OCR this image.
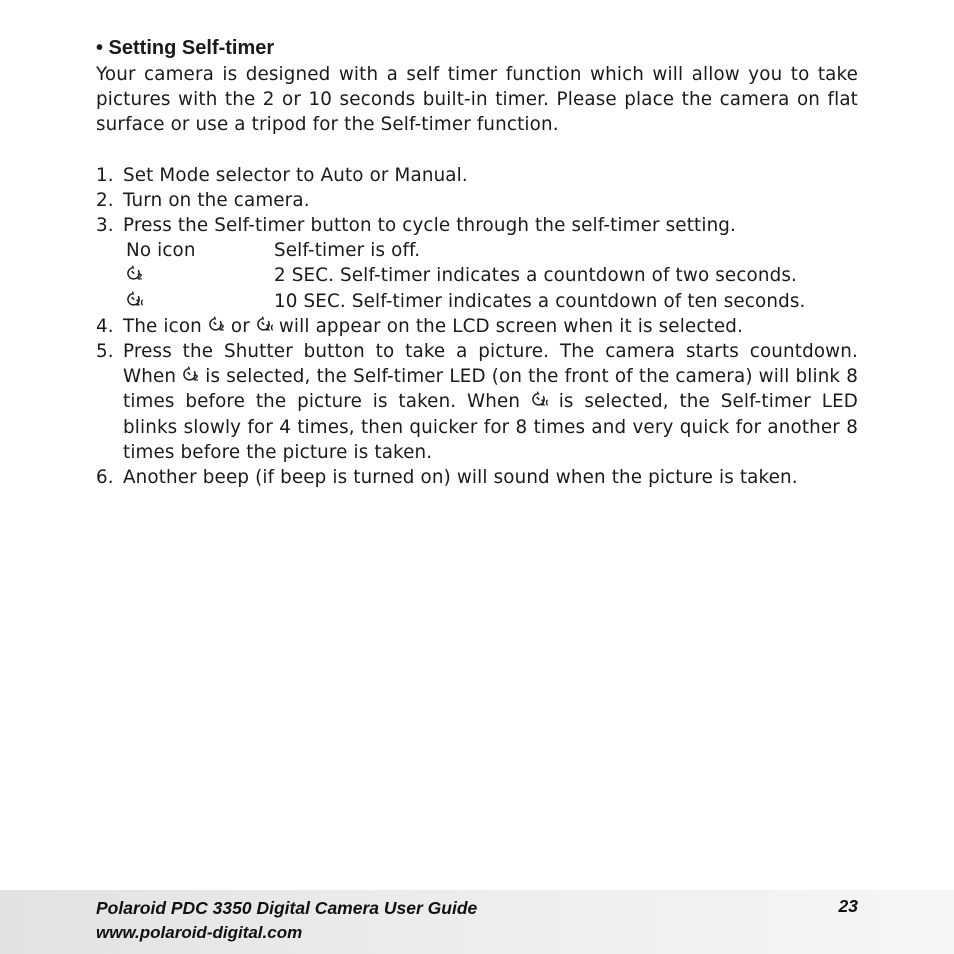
• Setting Self-timer

Your camera is designed with a self timer function which will allow you to take pictures with the 2 or 10 seconds built-in timer. Please place the camera on flat surface or use a tripod for the Self-timer function.

1. Set Mode selector to Auto or Manual.
2. Turn on the camera.
3. Press the Self-timer button to cycle through the self-timer setting.
No icon	Self-timer is off.
2 SEC. Self-timer indicates a countdown of two seconds.
10 SEC. Self-timer indicates a countdown of ten seconds.
4. The icon or will appear on the LCD screen when it is selected.
5. Press the Shutter button to take a picture. The camera starts countdown. When is selected, the Self-timer LED (on the front of the camera) will blink 8 times before the picture is taken. When is selected, the Self-timer LED blinks slowly for 4 times, then quicker for 8 times and very quick for another 8 times before the picture is taken.
6. Another beep (if beep is turned on) will sound when the picture is taken.
Polaroid PDC 3350 Digital Camera User Guide
www.polaroid-digital.com
23
